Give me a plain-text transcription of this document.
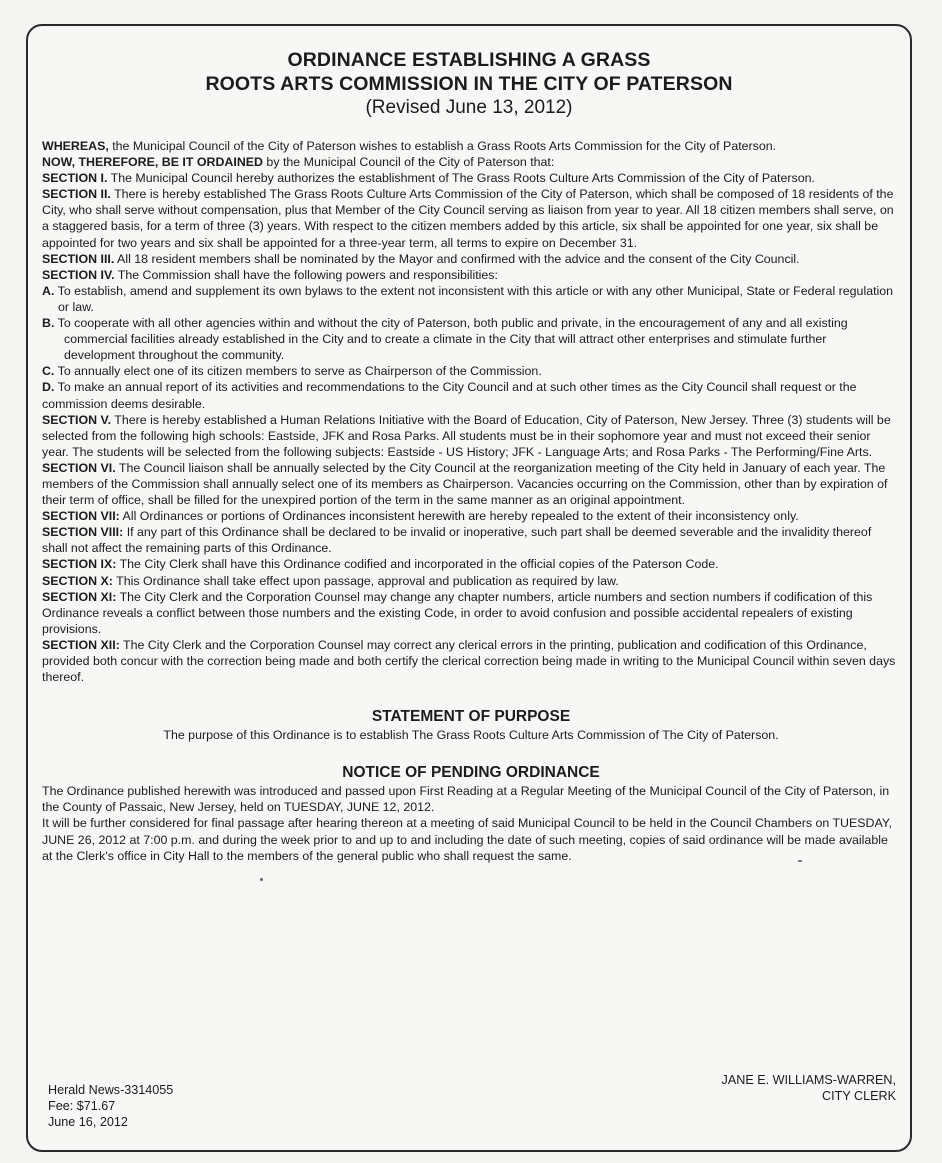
ORDINANCE ESTABLISHING A GRASS
ROOTS ARTS COMMISSION IN THE CITY OF PATERSON
(Revised June 13, 2012)

WHEREAS, the Municipal Council of the City of Paterson wishes to establish a Grass Roots Arts Commission for the City of Paterson.

NOW, THEREFORE, BE IT ORDAINED by the Municipal Council of the City of Paterson that:

SECTION I. The Municipal Council hereby authorizes the establishment of The Grass Roots Culture Arts Commission of the City of Paterson.

SECTION II. There is hereby established The Grass Roots Culture Arts Commission of the City of Paterson, which shall be composed of 18 residents of the City, who shall serve without compensation, plus that Member of the City Council serving as liaison from year to year. All 18 citizen members shall serve, on a staggered basis, for a term of three (3) years. With respect to the citizen members added by this article, six shall be appointed for one year, six shall be appointed for two years and six shall be appointed for a three-year term, all terms to expire on December 31.

SECTION III. All 18 resident members shall be nominated by the Mayor and confirmed with the advice and the consent of the City Council.

SECTION IV. The Commission shall have the following powers and responsibilities:

A. To establish, amend and supplement its own bylaws to the extent not inconsistent with this article or with any other Municipal, State or Federal regulation or law.

B. To cooperate with all other agencies within and without the city of Paterson, both public and private, in the encouragement of any and all existing commercial facilities already established in the City and to create a climate in the City that will attract other enterprises and stimulate further development throughout the community.

C. To annually elect one of its citizen members to serve as Chairperson of the Commission.

D. To make an annual report of its activities and recommendations to the City Council and at such other times as the City Council shall request or the commission deems desirable.

SECTION V. There is hereby established a Human Relations Initiative with the Board of Education, City of Paterson, New Jersey. Three (3) students will be selected from the following high schools: Eastside, JFK and Rosa Parks. All students must be in their sophomore year and must not exceed their senior year. The students will be selected from the following subjects: Eastside - US History; JFK - Language Arts; and Rosa Parks - The Performing/Fine Arts.

SECTION VI. The Council liaison shall be annually selected by the City Council at the reorganization meeting of the City held in January of each year. The members of the Commission shall annually select one of its members as Chairperson. Vacancies occurring on the Commission, other than by expiration of their term of office, shall be filled for the unexpired portion of the term in the same manner as an original appointment.

SECTION VII: All Ordinances or portions of Ordinances inconsistent herewith are hereby repealed to the extent of their inconsistency only.

SECTION VIII: If any part of this Ordinance shall be declared to be invalid or inoperative, such part shall be deemed severable and the invalidity thereof shall not affect the remaining parts of this Ordinance.

SECTION IX: The City Clerk shall have this Ordinance codified and incorporated in the official copies of the Paterson Code.

SECTION X: This Ordinance shall take effect upon passage, approval and publication as required by law.

SECTION XI: The City Clerk and the Corporation Counsel may change any chapter numbers, article numbers and section numbers if codification of this Ordinance reveals a conflict between those numbers and the existing Code, in order to avoid confusion and possible accidental repealers of existing provisions.

SECTION XII: The City Clerk and the Corporation Counsel may correct any clerical errors in the printing, publication and codification of this Ordinance, provided both concur with the correction being made and both certify the clerical correction being made in writing to the Municipal Council within seven days thereof.

STATEMENT OF PURPOSE

The purpose of this Ordinance is to establish The Grass Roots Culture Arts Commission of The City of Paterson.

NOTICE OF PENDING ORDINANCE

The Ordinance published herewith was introduced and passed upon First Reading at a Regular Meeting of the Municipal Council of the City of Paterson, in the County of Passaic, New Jersey, held on TUESDAY, JUNE 12, 2012.

It will be further considered for final passage after hearing thereon at a meeting of said Municipal Council to be held in the Council Chambers on TUESDAY, JUNE 26, 2012 at 7:00 p.m. and during the week prior to and up to and including the date of such meeting, copies of said ordinance will be made available at the Clerk's office in City Hall to the members of the general public who shall request the same.

Herald News-3314055
Fee: $71.67
June 16, 2012
JANE E. WILLIAMS-WARREN,
CITY CLERK
